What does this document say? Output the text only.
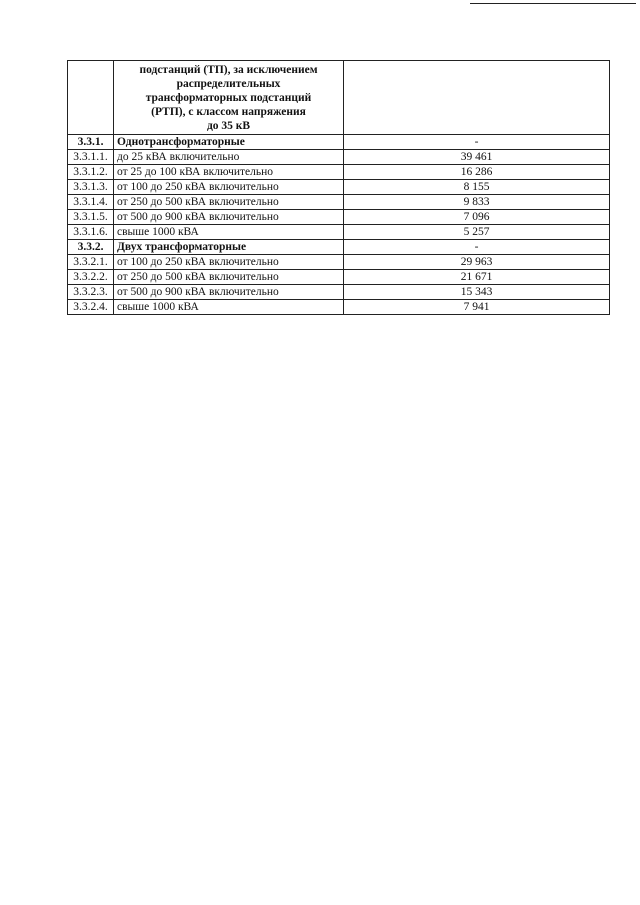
	подстанций (ТП), за исключением
распределительных
трансформаторных подстанций
(РТП), с классом напряжения
до 35 кВ	

3.3.1.	Однотрансформаторные	-
3.3.1.1.	до 25 кВА включительно	39 461
3.3.1.2.	от 25 до 100 кВА включительно	16 286
3.3.1.3.	от 100 до 250 кВА включительно	8 155
3.3.1.4.	от 250 до 500 кВА включительно	9 833
3.3.1.5.	от 500 до 900 кВА включительно	7 096
3.3.1.6.	свыше 1000 кВА	5 257
3.3.2.	Двух трансформаторные	-
3.3.2.1.	от 100 до 250 кВА включительно	29 963
3.3.2.2.	от 250 до 500 кВА включительно	21 671
3.3.2.3.	от 500 до 900 кВА включительно	15 343
3.3.2.4.	свыше 1000 кВА	7 941
